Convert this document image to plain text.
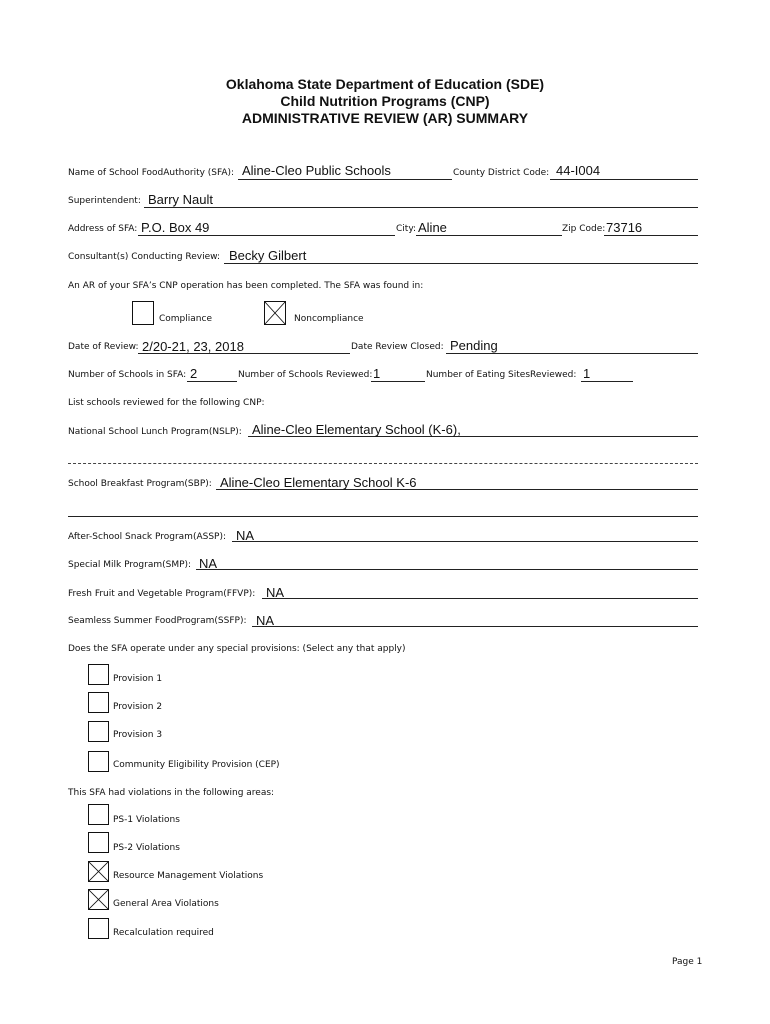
Oklahoma State Department of Education (SDE)
Child Nutrition Programs (CNP)
ADMINISTRATIVE REVIEW (AR) SUMMARY
Name of School FoodAuthority (SFA): Aline-Cleo Public Schools	County District Code: 44-I004
Superintendent: Barry Nault
Address of SFA: P.O. Box 49	City: Aline	Zip Code: 73716
Consultant(s) Conducting Review: Becky Gilbert
An AR of your SFA’s CNP operation has been completed. The SFA was found in:
Compliance	Noncompliance
Date of Review: 2/20-21, 23, 2018	Date Review Closed: Pending
Number of Schools in SFA: 2	Number of Schools Reviewed: 1	Number of Eating SitesReviewed: 1
List schools reviewed for the following CNP:
National School Lunch Program(NSLP): Aline-Cleo Elementary School (K-6),
School Breakfast Program(SBP): Aline-Cleo Elementary School K-6
After-School Snack Program(ASSP): NA
Special Milk Program(SMP): NA
Fresh Fruit and Vegetable Program(FFVP): NA
Seamless Summer FoodProgram(SSFP): NA
Does the SFA operate under any special provisions: (Select any that apply)
Provision 1
Provision 2
Provision 3
Community Eligibility Provision (CEP)
This SFA had violations in the following areas:
PS-1 Violations
PS-2 Violations
Resource Management Violations
General Area Violations
Recalculation required
Page 1
